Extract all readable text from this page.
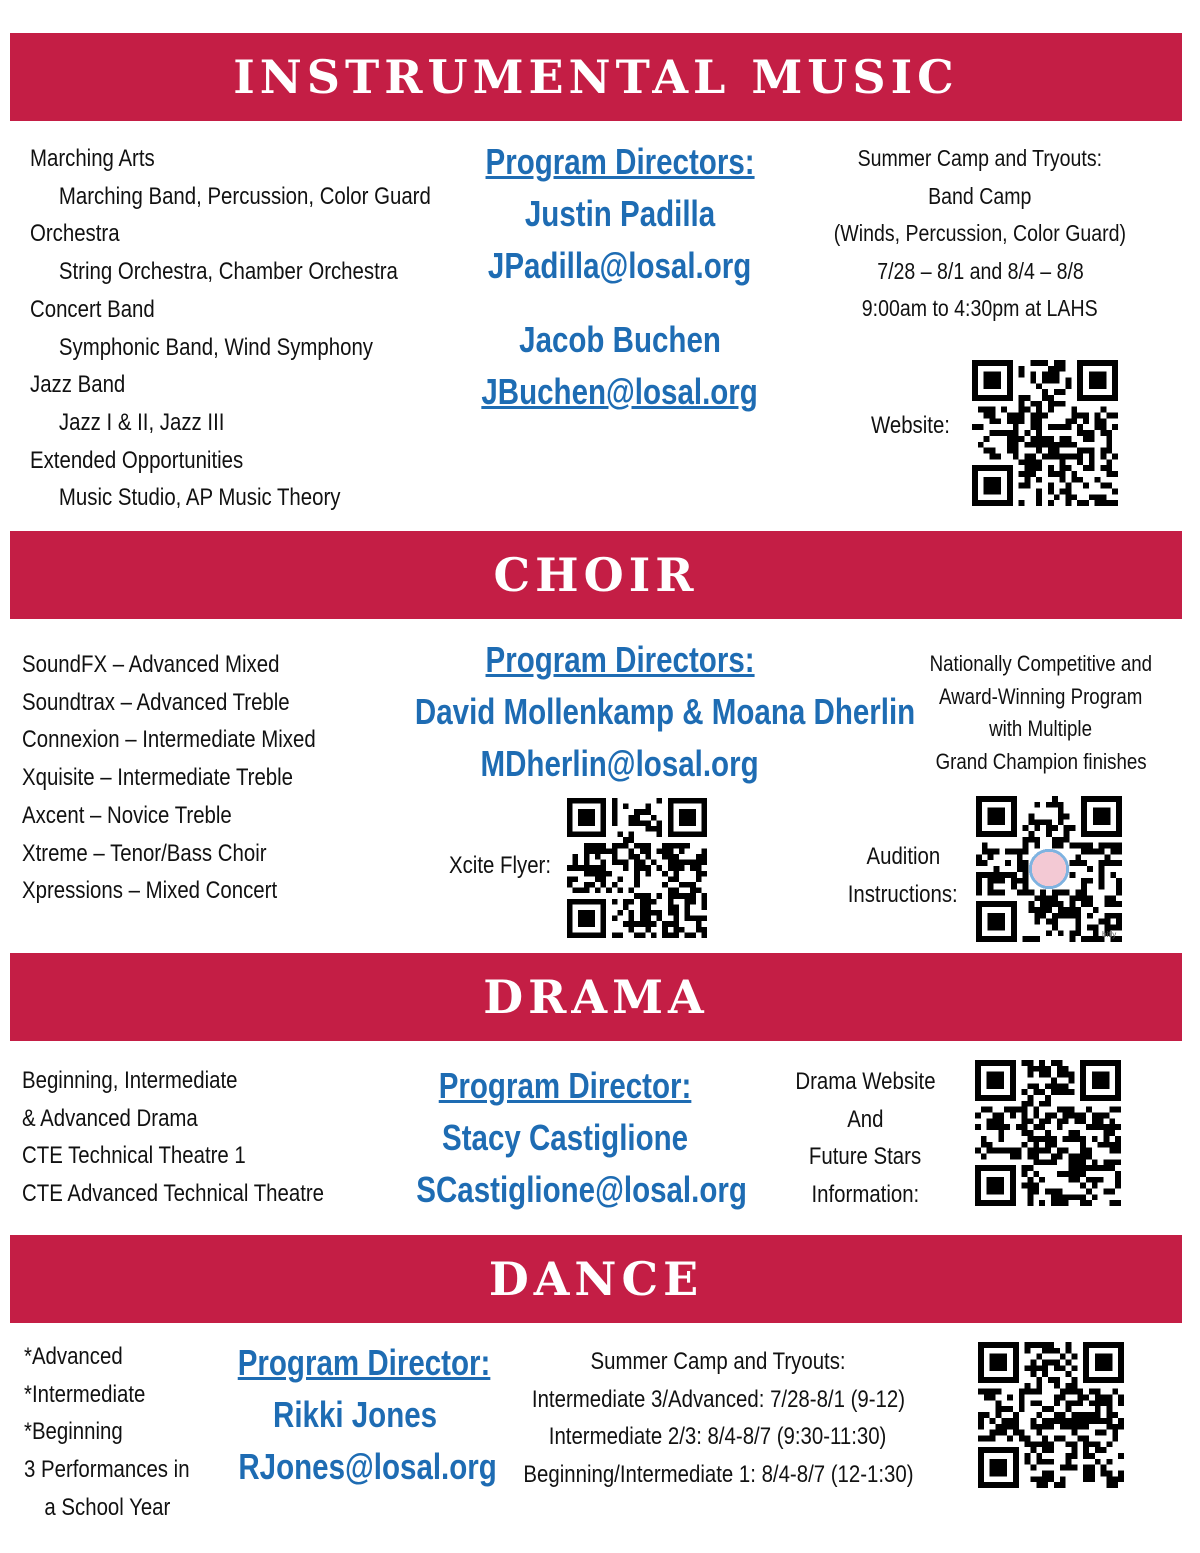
INSTRUMENTAL MUSIC
Marching Arts
Marching Band, Percussion, Color Guard
Orchestra
String Orchestra, Chamber Orchestra
Concert Band
Symphonic Band, Wind Symphony
Jazz Band
Jazz I & II, Jazz III
Extended Opportunities
Music Studio, AP Music Theory
Program Directors:
Justin Padilla
JPadilla@losal.org
Jacob Buchen
JBuchen@losal.org
Summer Camp and Tryouts:
Band Camp
(Winds, Percussion, Color Guard)
7/28 – 8/1 and 8/4 – 8/8
9:00am to 4:30pm at LAHS
Website:
CHOIR
SoundFX – Advanced Mixed
Soundtrax – Advanced Treble
Connexion – Intermediate Mixed
Xquisite – Intermediate Treble
Axcent – Novice Treble
Xtreme – Tenor/Bass Choir
Xpressions – Mixed Concert
Program Directors:
David Mollenkamp & Moana Dherlin
MDherlin@losal.org
Xcite Flyer:
Nationally Competitive and
Award-Winning Program
with Multiple
Grand Champion finishes
Audition
Instructions:
bitly
DRAMA
Beginning, Intermediate
& Advanced Drama
CTE Technical Theatre 1
CTE Advanced Technical Theatre
Program Director:
Stacy Castiglione
SCastiglione@losal.org
Drama Website
And
Future Stars
Information:
DANCE
*Advanced
*Intermediate
*Beginning
3 Performances in
a School Year
Program Director:
Rikki Jones
RJones@losal.org
Summer Camp and Tryouts:
Intermediate 3/Advanced: 7/28-8/1 (9-12)
Intermediate 2/3: 8/4-8/7 (9:30-11:30)
Beginning/Intermediate 1: 8/4-8/7 (12-1:30)
